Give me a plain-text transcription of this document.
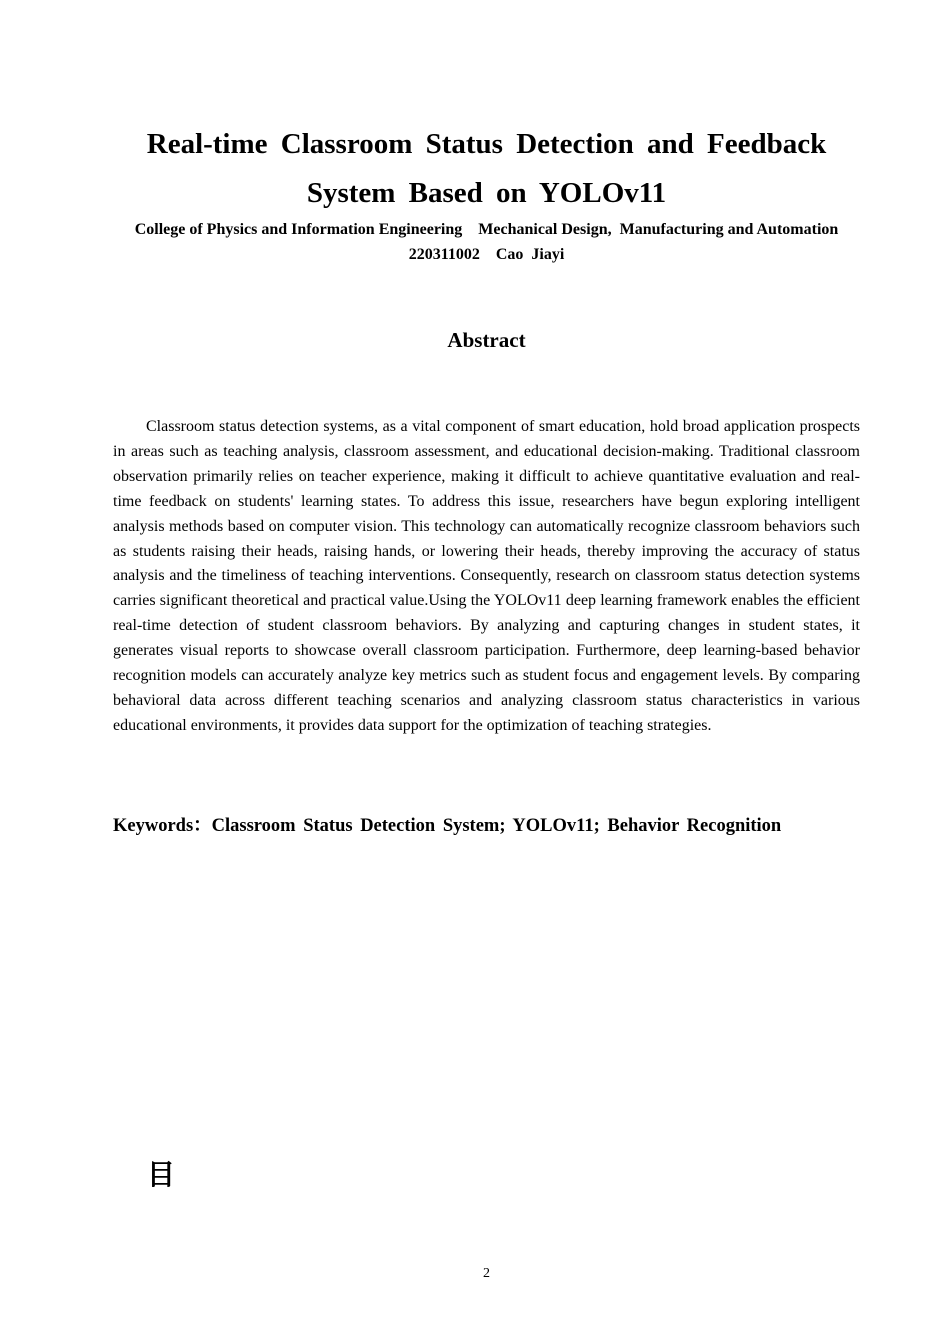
Real-time Classroom Status Detection and Feedback
System Based on YOLOv11
College of Physics and Information Engineering    Mechanical Design,  Manufacturing and Automation
220311002    Cao  Jiayi
Abstract

Classroom status detection systems, as a vital component of smart education, hold broad application prospects in areas such as teaching analysis, classroom assessment, and educational decision-making. Traditional classroom observation primarily relies on teacher experience, making it difficult to achieve quantitative evaluation and real-time feedback on students' learning states. To address this issue, researchers have begun exploring intelligent analysis methods based on computer vision. This technology can automatically recognize classroom behaviors such as students raising their heads, raising hands, or lowering their heads, thereby improving the accuracy of status analysis and the timeliness of teaching interventions. Consequently, research on classroom status detection systems carries significant theoretical and practical value.Using the YOLOv11 deep learning framework enables the efficient real-time detection of student classroom behaviors. By analyzing and capturing changes in student states, it generates visual reports to showcase overall classroom participation. Furthermore, deep learning-based behavior recognition models can accurately analyze key metrics such as student focus and engagement levels. By comparing behavioral data across different teaching scenarios and analyzing classroom status characteristics in various educational environments, it provides data support for the optimization of teaching strategies.

Keywords：Classroom Status Detection System; YOLOv11; Behavior Recognition

目
2
